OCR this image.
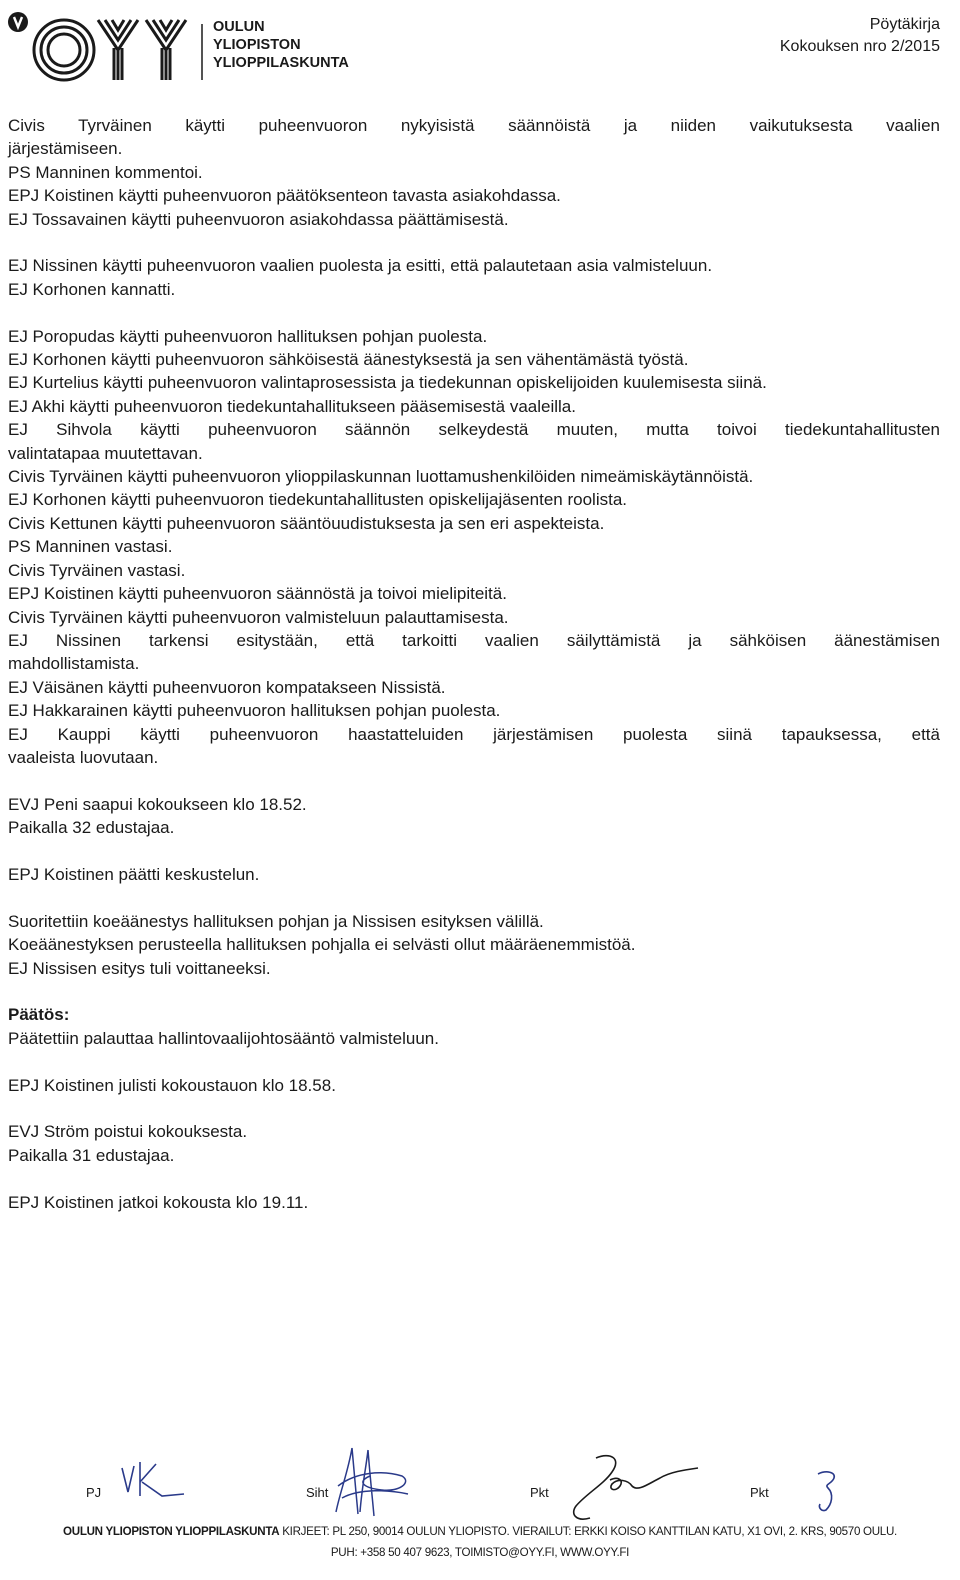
OULUN
YLIOPISTON
YLIOPPILASKUNTA
Pöytäkirja
Kokouksen nro 2/2015
Civis Tyrväinen käytti puheenvuoron nykyisistä säännöistä ja niiden vaikutuksesta vaalien
järjestämiseen.
PS Manninen kommentoi.
EPJ Koistinen käytti puheenvuoron päätöksenteon tavasta asiakohdassa.
EJ Tossavainen käytti puheenvuoron asiakohdassa päättämisestä.
EJ Nissinen käytti puheenvuoron vaalien puolesta ja esitti, että palautetaan asia valmisteluun.
EJ Korhonen kannatti.
EJ Poropudas käytti puheenvuoron hallituksen pohjan puolesta.
EJ Korhonen käytti puheenvuoron sähköisestä äänestyksestä ja sen vähentämästä työstä.
EJ Kurtelius käytti puheenvuoron valintaprosessista ja tiedekunnan opiskelijoiden kuulemisesta siinä.
EJ Akhi käytti puheenvuoron tiedekuntahallitukseen pääsemisestä vaaleilla.
EJ Sihvola käytti puheenvuoron säännön selkeydestä muuten, mutta toivoi tiedekuntahallitusten
valintatapaa muutettavan.
Civis Tyrväinen käytti puheenvuoron ylioppilaskunnan luottamushenkilöiden nimeämiskäytännöistä.
EJ Korhonen käytti puheenvuoron tiedekuntahallitusten opiskelijajäsenten roolista.
Civis Kettunen käytti puheenvuoron sääntöuudistuksesta ja sen eri aspekteista.
PS Manninen vastasi.
Civis Tyrväinen vastasi.
EPJ Koistinen käytti puheenvuoron säännöstä ja toivoi mielipiteitä.
Civis Tyrväinen käytti puheenvuoron valmisteluun palauttamisesta.
EJ Nissinen tarkensi esitystään, että tarkoitti vaalien säilyttämistä ja sähköisen äänestämisen
mahdollistamista.
EJ Väisänen käytti puheenvuoron kompatakseen Nissistä.
EJ Hakkarainen käytti puheenvuoron hallituksen pohjan puolesta.
EJ Kauppi käytti puheenvuoron haastatteluiden järjestämisen puolesta siinä tapauksessa, että
vaaleista luovutaan.
EVJ Peni saapui kokoukseen klo 18.52.
Paikalla 32 edustajaa.
EPJ Koistinen päätti keskustelun.
Suoritettiin koeäänestys hallituksen pohjan ja Nissisen esityksen välillä.
Koeäänestyksen perusteella hallituksen pohjalla ei selvästi ollut määräenemmistöä.
EJ Nissisen esitys tuli voittaneeksi.
Päätös:
Päätettiin palauttaa hallintovaalijohtosääntö valmisteluun.
EPJ Koistinen julisti kokoustauon klo 18.58.
EVJ Ström poistui kokouksesta.
Paikalla 31 edustajaa.
EPJ Koistinen jatkoi kokousta klo 19.11.
PJ	Siht	Pkt	Pkt
OULUN YLIOPISTON YLIOPPILASKUNTA KIRJEET: PL 250, 90014 OULUN YLIOPISTO. VIERAILUT: ERKKI KOISO KANTTILAN KATU, X1 OVI, 2. KRS, 90570 OULU.
PUH: +358 50 407 9623, TOIMISTO@OYY.FI, WWW.OYY.FI
